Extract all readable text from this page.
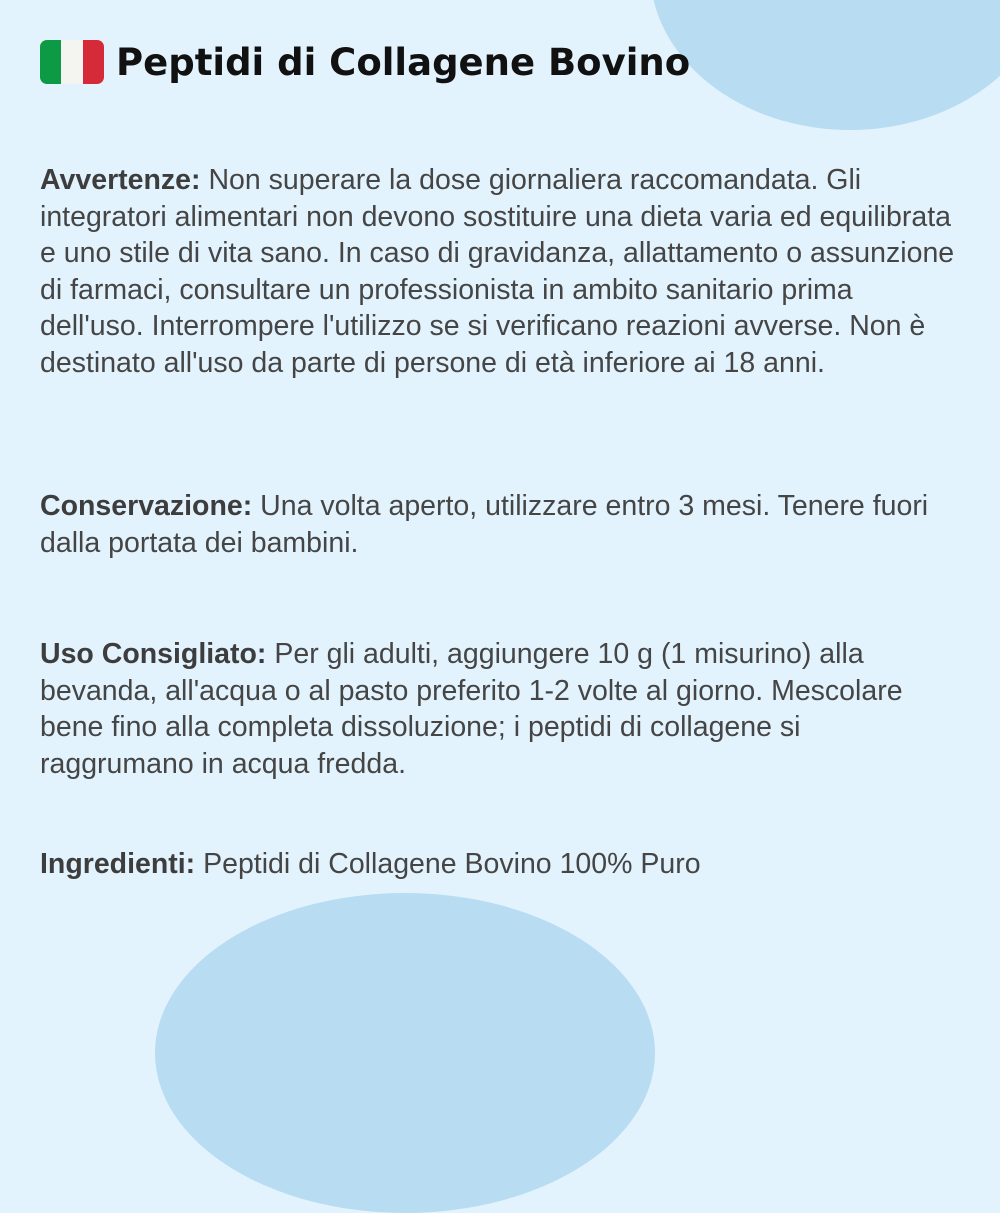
Peptidi di Collagene Bovino
Avvertenze: Non superare la dose giornaliera raccomandata. Gli integratori alimentari non devono sostituire una dieta varia ed equilibrata e uno stile di vita sano. In caso di gravidanza, allattamento o assunzione di farmaci, consultare un professionista in ambito sanitario prima dell'uso. Interrompere l'utilizzo se si verificano reazioni avverse. Non è destinato all'uso da parte di persone di età inferiore ai 18 anni.
Conservazione: Una volta aperto, utilizzare entro 3 mesi. Tenere fuori dalla portata dei bambini.
Uso Consigliato: Per gli adulti, aggiungere 10 g (1 misurino) alla bevanda, all'acqua o al pasto preferito 1-2 volte al giorno. Mescolare bene fino alla completa dissoluzione; i peptidi di collagene si raggrumano in acqua fredda.
Ingredienti: Peptidi di Collagene Bovino 100% Puro
